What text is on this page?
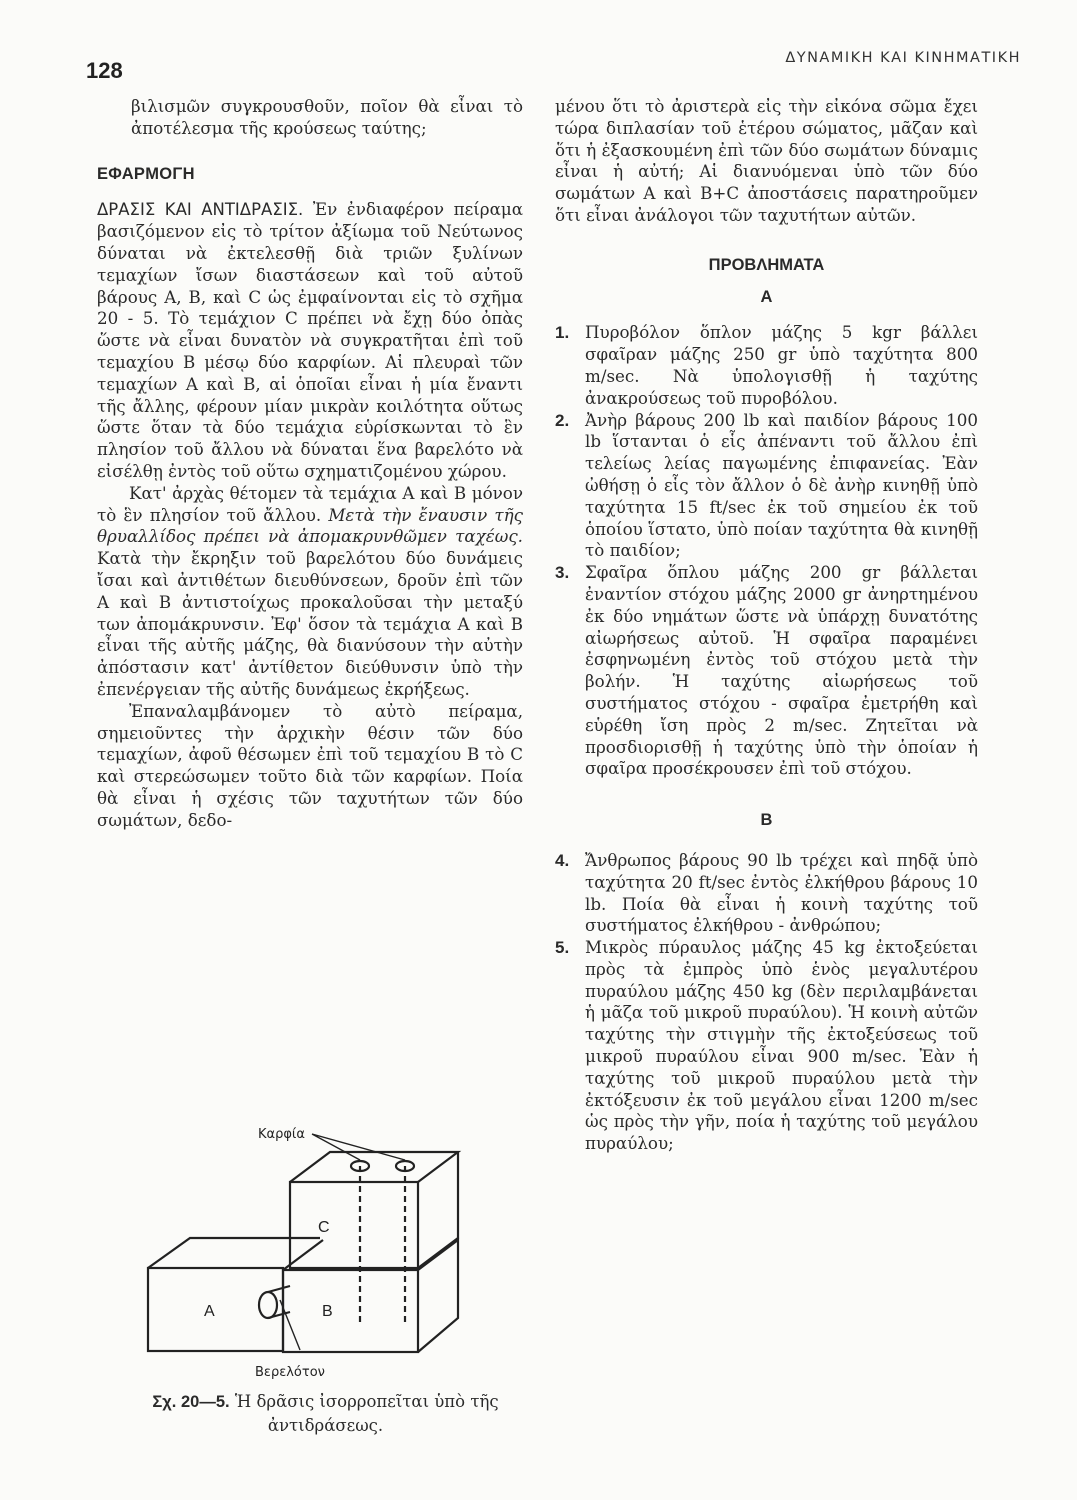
128	ΔΥΝΑΜΙΚΗ ΚΑΙ ΚΙΝΗΜΑΤΙΚΗ

βιλισμῶν συγκρουσθοῦν, ποῖον θὰ εἶναι τὸ ἀποτέλεσμα τῆς κρούσεως ταύτης;

ΕΦΑΡΜΟΓΗ

ΔΡΑΣΙΣ ΚΑΙ ΑΝΤΙΔΡΑΣΙΣ. Ἐν ἐνδιαφέρον πείραμα βασιζόμενον εἰς τὸ τρίτον ἀξίωμα τοῦ Νεύτωνος δύναται νὰ ἐκτελεσθῇ διὰ τριῶν ξυλίνων τεμαχίων ἴσων διαστάσεων καὶ τοῦ αὐτοῦ βάρους Α, Β, καὶ C ὡς ἐμφαίνονται εἰς τὸ σχῆμα 20 - 5. Τὸ τεμάχιον C πρέπει νὰ ἔχῃ δύο ὀπὰς ὥστε νὰ εἶναι δυνατὸν νὰ συγκρατῆται ἐπὶ τοῦ τεμαχίου Β μέσῳ δύο καρφίων. Αἱ πλευραὶ τῶν τεμαχίων Α καὶ Β, αἱ ὁποῖαι εἶναι ἡ μία ἔναντι τῆς ἄλλης, φέρουν μίαν μικρὰν κοιλότητα οὕτως ὥστε ὅταν τὰ δύο τεμάχια εὑρίσκωνται τὸ ἓν πλησίον τοῦ ἄλλου νὰ δύναται ἕνα βαρελότο νὰ εἰσέλθῃ ἐντὸς τοῦ οὕτω σχηματιζομένου χώρου.

Κατ' ἀρχὰς θέτομεν τὰ τεμάχια Α καὶ Β μόνον τὸ ἓν πλησίον τοῦ ἄλλου. Μετὰ τὴν ἔναυσιν τῆς θρυαλλίδος πρέπει νὰ ἀπομακρυνθῶμεν ταχέως. Κατὰ τὴν ἔκρηξιν τοῦ βαρελότου δύο δυνάμεις ἴσαι καὶ ἀντιθέτων διευθύνσεων, δροῦν ἐπὶ τῶν Α καὶ Β ἀντιστοίχως προκαλοῦσαι τὴν μεταξύ των ἀπομάκρυνσιν. Ἐφ' ὅσον τὰ τεμάχια Α καὶ Β εἶναι τῆς αὐτῆς μάζης, θὰ διανύσουν τὴν αὐτὴν ἀπόστασιν κατ' ἀντίθετον διεύθυνσιν ὑπὸ τὴν ἐπενέργειαν τῆς αὐτῆς δυνάμεως ἐκρήξεως.

Ἐπαναλαμβάνομεν τὸ αὐτὸ πείραμα, σημειοῦντες τὴν ἀρχικὴν θέσιν τῶν δύο τεμαχίων, ἀφοῦ θέσωμεν ἐπὶ τοῦ τεμαχίου Β τὸ C καὶ στερεώσωμεν τοῦτο διὰ τῶν καρφίων. Ποία θὰ εἶναι ἡ σχέσις τῶν ταχυτήτων τῶν δύο σωμάτων, δεδο-

Καρφία
Βερελότον
A	B
C
Σχ. 20—5. Ἡ δρᾶσις ἰσορροπεῖται ὑπὸ τῆς ἀντιδράσεως.

μένου ὅτι τὸ ἀριστερὰ εἰς τὴν εἰκόνα σῶμα ἔχει τώρα διπλασίαν τοῦ ἑτέρου σώματος, μᾶζαν καὶ ὅτι ἡ ἐξασκουμένη ἐπὶ τῶν δύο σωμάτων δύναμις εἶναι ἡ αὐτή; Αἱ διανυόμεναι ὑπὸ τῶν δύο σωμάτων Α καὶ Β+C ἀποστάσεις παρατηροῦμεν ὅτι εἶναι ἀνάλογοι τῶν ταχυτήτων αὐτῶν.

ΠΡΟΒΛΗΜΑΤΑ
Α
1. Πυροβόλον ὅπλον μάζης 5 kgr βάλλει σφαῖραν μάζης 250 gr ὑπὸ ταχύτητα 800 m/sec. Νὰ ὑπολογισθῇ ἡ ταχύτης ἀνακρούσεως τοῦ πυροβόλου.
2. Ἀνὴρ βάρους 200 lb καὶ παιδίον βάρους 100 lb ἵστανται ὁ εἷς ἀπέναντι τοῦ ἄλλου ἐπὶ τελείως λείας παγωμένης ἐπιφανείας. Ἐὰν ὠθήσῃ ὁ εἷς τὸν ἄλλον ὁ δὲ ἀνὴρ κινηθῇ ὑπὸ ταχύτητα 15 ft/sec ἐκ τοῦ σημείου ἐκ τοῦ ὁποίου ἵστατο, ὑπὸ ποίαν ταχύτητα θὰ κινηθῇ τὸ παιδίον;
3. Σφαῖρα ὅπλου μάζης 200 gr βάλλεται ἐναντίον στόχου μάζης 2000 gr ἀνηρτημένου ἐκ δύο νημάτων ὥστε νὰ ὑπάρχῃ δυνατότης αἰωρήσεως αὐτοῦ. Ἡ σφαῖρα παραμένει ἐσφηνωμένη ἐντὸς τοῦ στόχου μετὰ τὴν βολήν. Ἡ ταχύτης αἰωρήσεως τοῦ συστήματος στόχου - σφαῖρα ἐμετρήθη καὶ εὑρέθη ἴση πρὸς 2 m/sec. Ζητεῖται νὰ προσδιορισθῇ ἡ ταχύτης ὑπὸ τὴν ὁποίαν ἡ σφαῖρα προσέκρουσεν ἐπὶ τοῦ στόχου.
Β
4. Ἄνθρωπος βάρους 90 lb τρέχει καὶ πηδᾷ ὑπὸ ταχύτητα 20 ft/sec ἐντὸς ἐλκήθρου βάρους 10 lb. Ποία θὰ εἶναι ἡ κοινὴ ταχύτης τοῦ συστήματος ἐλκήθρου - ἀνθρώπου;
5. Μικρὸς πύραυλος μάζης 45 kg ἐκτοξεύεται πρὸς τὰ ἐμπρὸς ὑπὸ ἑνὸς μεγαλυτέρου πυραύλου μάζης 450 kg (δὲν περιλαμβάνεται ἡ μᾶζα τοῦ μικροῦ πυραύλου). Ἡ κοινὴ αὐτῶν ταχύτης τὴν στιγμὴν τῆς ἐκτοξεύσεως τοῦ μικροῦ πυραύλου εἶναι 900 m/sec. Ἐὰν ἡ ταχύτης τοῦ μικροῦ πυραύλου μετὰ τὴν ἐκτόξευσιν ἐκ τοῦ μεγάλου εἶναι 1200 m/sec ὡς πρὸς τὴν γῆν, ποία ἡ ταχύτης τοῦ μεγάλου πυραύλου;
